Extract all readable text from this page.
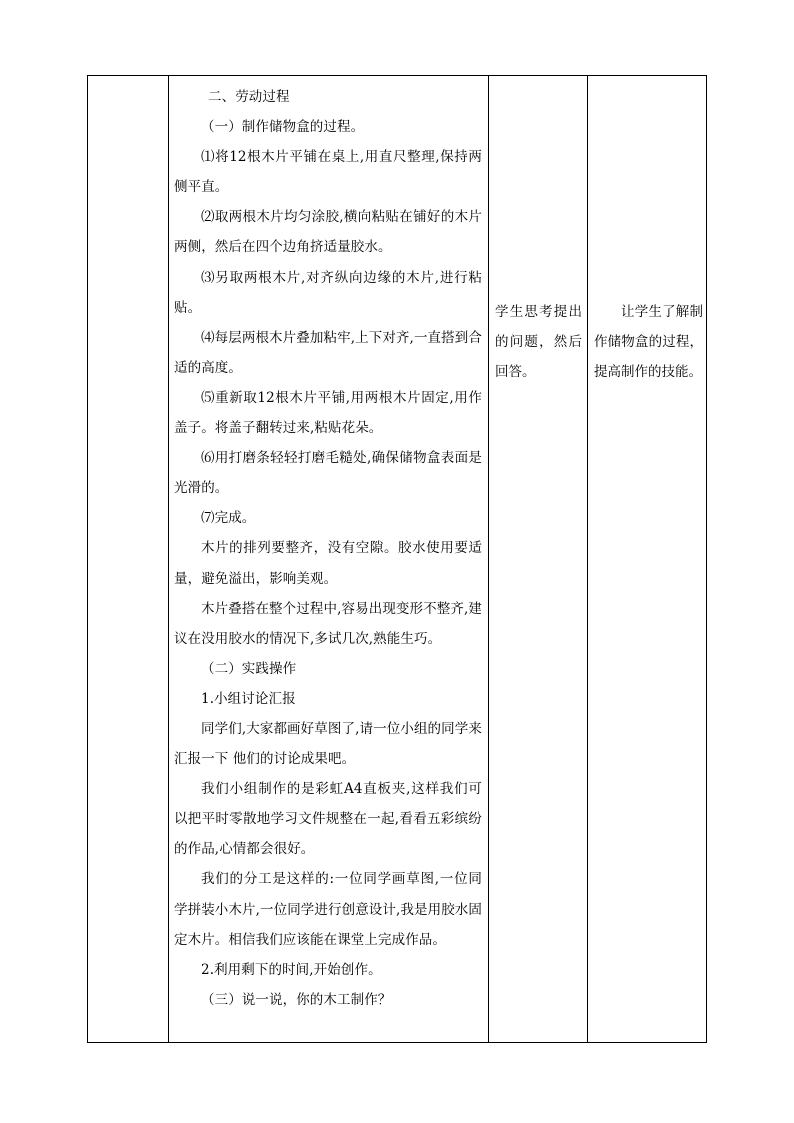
二、劳动过程

（一）制作储物盒的过程。

⑴将12根木片平铺在桌上,用直尺整理,保持两侧平直。

⑵取两根木片均匀涂胶,横向粘贴在铺好的木片两侧，然后在四个边角挤适量胶水。

⑶另取两根木片,对齐纵向边缘的木片,进行粘贴。

⑷每层两根木片叠加粘牢,上下对齐,一直搭到合适的高度。

⑸重新取12根木片平铺,用两根木片固定,用作盖子。将盖子翻转过来,粘贴花朵。

⑹用打磨条轻轻打磨毛糙处,确保储物盒表面是光滑的。

⑺完成。

木片的排列要整齐，没有空隙。胶水使用要适量，避免溢出，影响美观。

木片叠搭在整个过程中,容易出现变形不整齐,建议在没用胶水的情况下,多试几次,熟能生巧。

（二）实践操作

1.小组讨论汇报

同学们,大家都画好草图了,请一位小组的同学来汇报一下 他们的讨论成果吧。

我们小组制作的是彩虹A4直板夹,这样我们可以把平时零散地学习文件规整在一起,看看五彩缤纷的作品,心情都会很好。

我们的分工是这样的:一位同学画草图,一位同学拼装小木片,一位同学进行创意设计,我是用胶水固定木片。相信我们应该能在课堂上完成作品。

2.利用剩下的时间,开始创作。

（三）说一说，你的木工制作？

学生思考提出的问题，然后回答。
让学生了解制作储物盒的过程，提高制作的技能。
